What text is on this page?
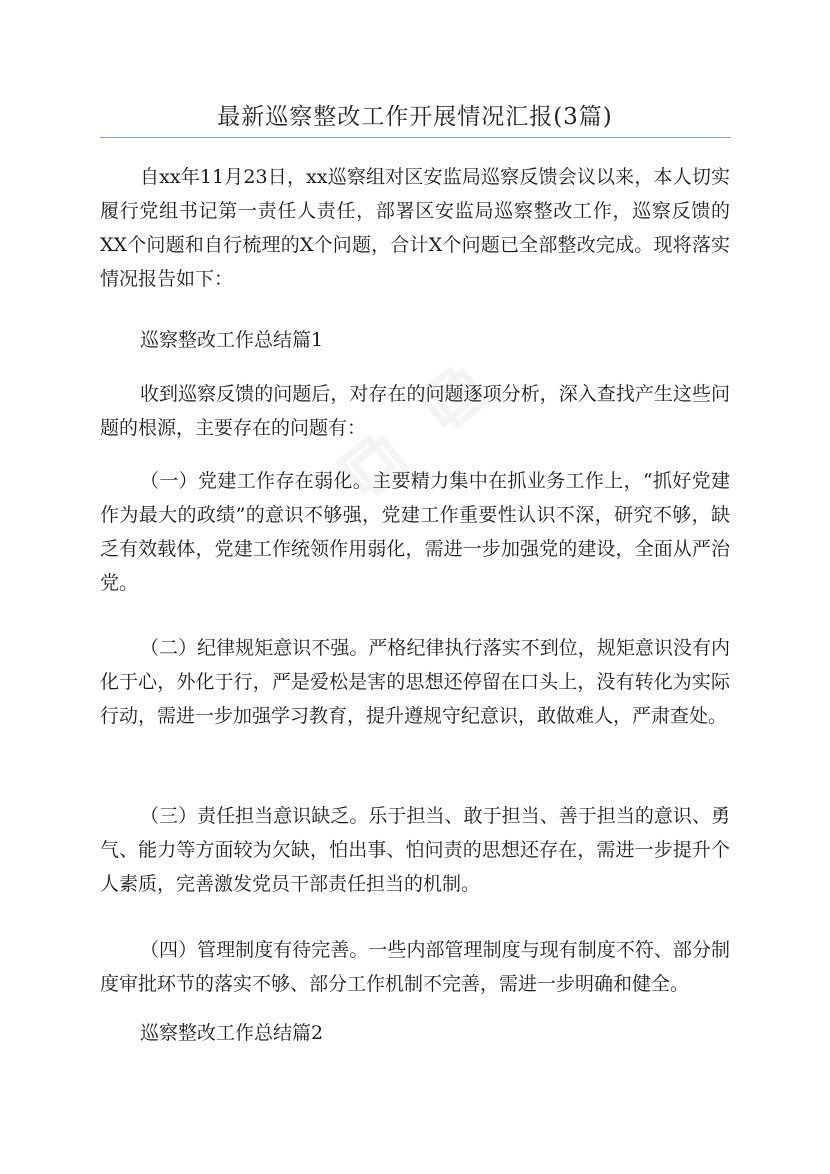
最新巡察整改工作开展情况汇报(3篇)

自xx年11月23日，xx巡察组对区安监局巡察反馈会议以来，本人切实履行党组书记第一责任人责任，部署区安监局巡察整改工作，巡察反馈的XX个问题和自行梳理的X个问题，合计X个问题已全部整改完成。现将落实情况报告如下：

巡察整改工作总结篇1

收到巡察反馈的问题后，对存在的问题逐项分析，深入查找产生这些问题的根源，主要存在的问题有：

（一）党建工作存在弱化。主要精力集中在抓业务工作上，“抓好党建作为最大的政绩”的意识不够强，党建工作重要性认识不深，研究不够，缺乏有效载体，党建工作统领作用弱化，需进一步加强党的建设，全面从严治党。

（二）纪律规矩意识不强。严格纪律执行落实不到位，规矩意识没有内化于心，外化于行，严是爱松是害的思想还停留在口头上，没有转化为实际行动，需进一步加强学习教育，提升遵规守纪意识，敢做难人，严肃查处。

（三）责任担当意识缺乏。乐于担当、敢于担当、善于担当的意识、勇气、能力等方面较为欠缺，怕出事、怕问责的思想还存在，需进一步提升个人素质，完善激发党员干部责任担当的机制。

（四）管理制度有待完善。一些内部管理制度与现有制度不符、部分制度审批环节的落实不够、部分工作机制不完善，需进一步明确和健全。

巡察整改工作总结篇2
